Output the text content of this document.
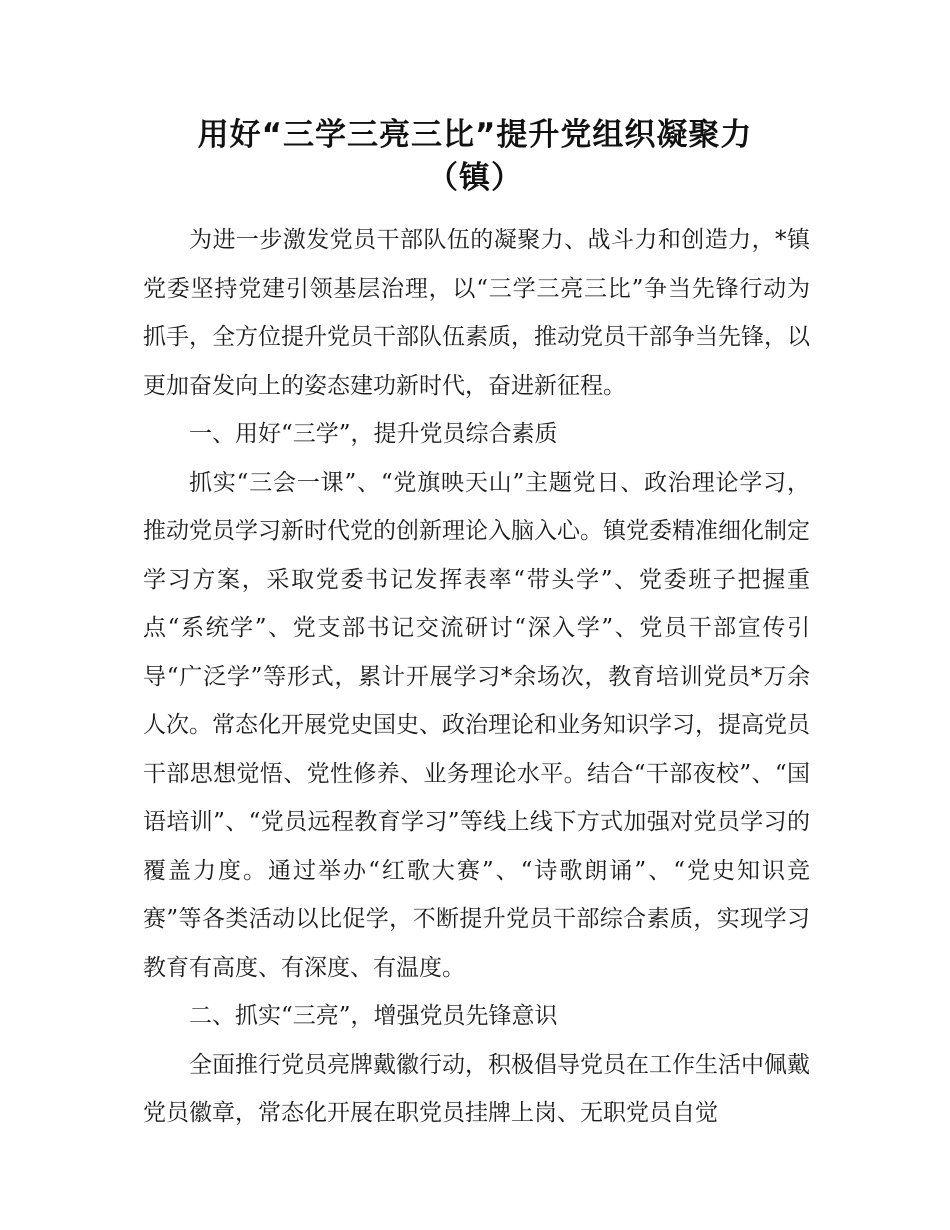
用好“三学三亮三比”提升党组织凝聚力
（镇）

为进一步激发党员干部队伍的凝聚力、战斗力和创造力，*镇党委坚持党建引领基层治理，以“三学三亮三比”争当先锋行动为抓手，全方位提升党员干部队伍素质，推动党员干部争当先锋，以更加奋发向上的姿态建功新时代，奋进新征程。

一、用好“三学”，提升党员综合素质

抓实“三会一课”、“党旗映天山”主题党日、政治理论学习，推动党员学习新时代党的创新理论入脑入心。镇党委精准细化制定学习方案，采取党委书记发挥表率“带头学”、党委班子把握重点“系统学”、党支部书记交流研讨“深入学”、党员干部宣传引导“广泛学”等形式，累计开展学习*余场次，教育培训党员*万余人次。常态化开展党史国史、政治理论和业务知识学习，提高党员干部思想觉悟、党性修养、业务理论水平。结合“干部夜校”、“国语培训”、“党员远程教育学习”等线上线下方式加强对党员学习的覆盖力度。通过举办“红歌大赛”、“诗歌朗诵”、“党史知识竞赛”等各类活动以比促学，不断提升党员干部综合素质，实现学习教育有高度、有深度、有温度。

二、抓实“三亮”，增强党员先锋意识

全面推行党员亮牌戴徽行动，积极倡导党员在工作生活中佩戴党员徽章，常态化开展在职党员挂牌上岗、无职党员自觉
